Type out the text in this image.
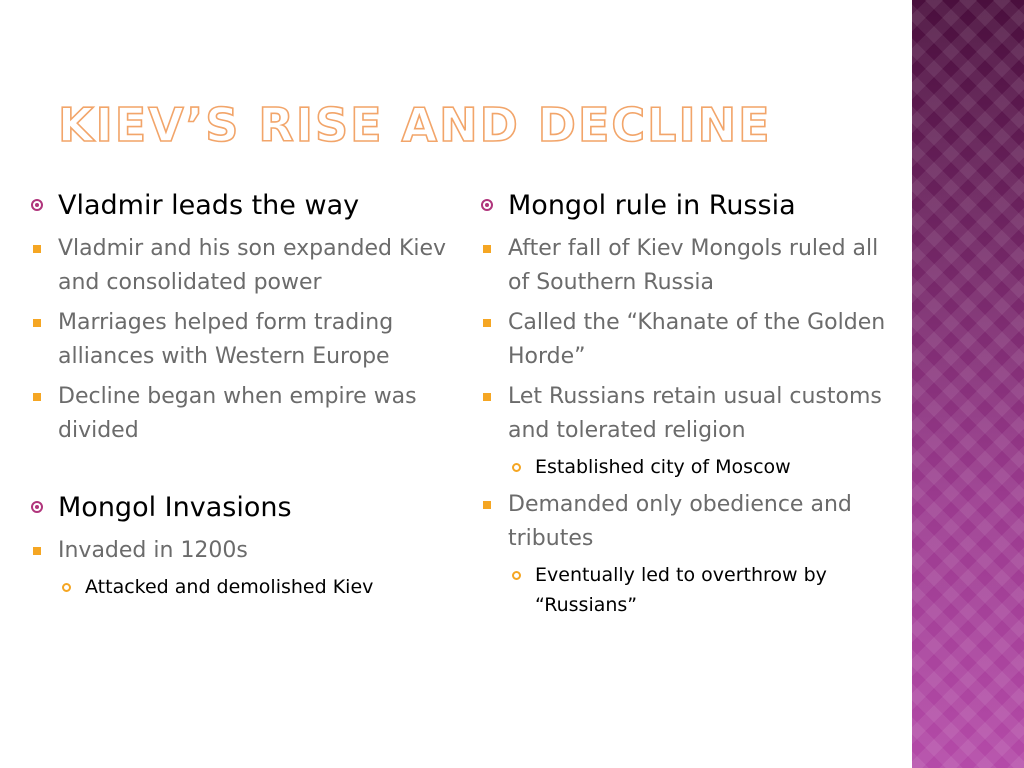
KIEV’S RISE AND DECLINE
Vladmir leads the way
Vladmir and his son expanded Kiev and consolidated power
Marriages helped form trading alliances with Western Europe
Decline began when empire was divided
Mongol Invasions
Invaded in 1200s
Attacked and demolished Kiev
Mongol rule in Russia
After fall of Kiev Mongols ruled all of Southern Russia
Called the “Khanate of the Golden Horde”
Let Russians retain usual customs and tolerated religion
Established city of Moscow
Demanded only obedience and tributes
Eventually led to overthrow by “Russians”
